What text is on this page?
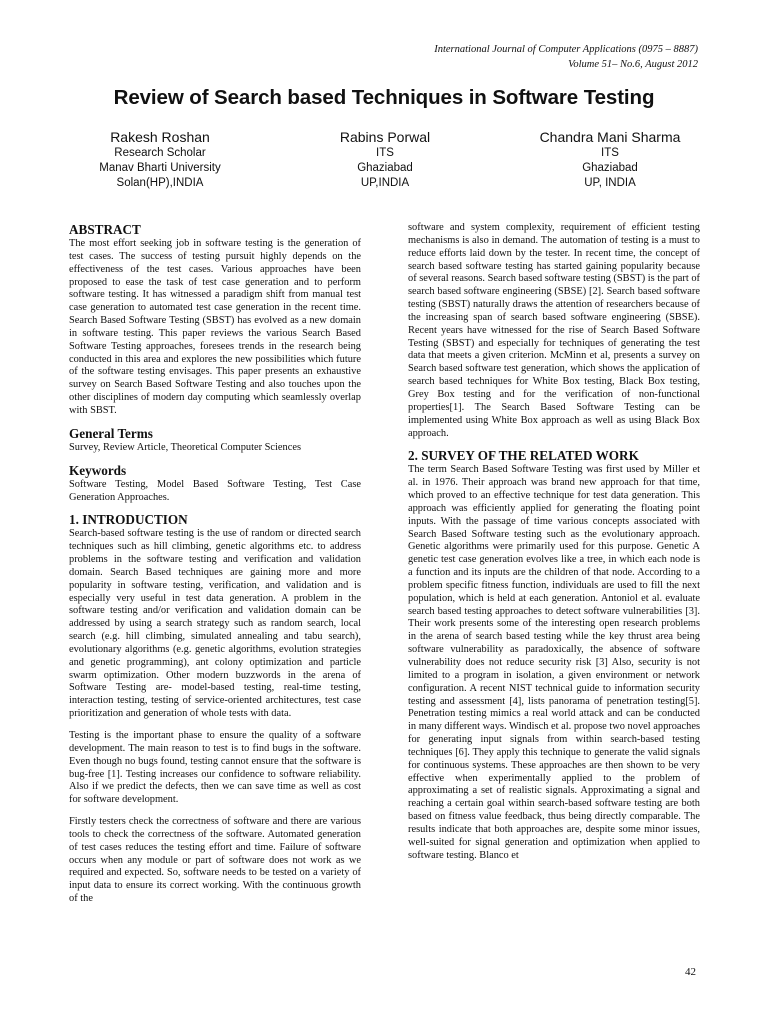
International Journal of Computer Applications (0975 – 8887)
Volume 51– No.6, August 2012
Review of Search based Techniques in Software Testing
Rakesh Roshan
Research Scholar
Manav Bharti University
Solan(HP),INDIA
Rabins Porwal
ITS
Ghaziabad
UP,INDIA
Chandra Mani Sharma
ITS
Ghaziabad
UP, INDIA
ABSTRACT

The most effort seeking job in software testing is the generation of test cases. The success of testing pursuit highly depends on the effectiveness of the test cases. Various approaches have been proposed to ease the task of test case generation and to perform software testing. It has witnessed a paradigm shift from manual test case generation to automated test case generation in the recent time. Search Based Software Testing (SBST) has evolved as a new domain in software testing. This paper reviews the various Search Based Software Testing approaches, foresees trends in the research being conducted in this area and explores the new possibilities which future of the software testing envisages. This paper presents an exhaustive survey on Search Based Software Testing and also touches upon the other disciplines of modern day computing which seamlessly overlap with SBST.

General Terms

Survey, Review Article, Theoretical Computer Sciences

Keywords

Software Testing, Model Based Software Testing, Test Case Generation Approaches.

1. INTRODUCTION

Search-based software testing is the use of random or directed search techniques such as hill climbing, genetic algorithms etc. to address problems in the software testing and verification and validation domain. Search Based techniques are gaining more and more popularity in software testing, verification, and validation and is especially very useful in test data generation. A problem in the software testing and/or verification and validation domain can be addressed by using a search strategy such as random search, local search (e.g. hill climbing, simulated annealing and tabu search), evolutionary algorithms (e.g. genetic algorithms, evolution strategies and genetic programming), ant colony optimization and particle swarm optimization. Other modern buzzwords in the arena of Software Testing are- model-based testing, real-time testing, interaction testing, testing of service-oriented architectures, test case prioritization and generation of whole tests with data.

Testing is the important phase to ensure the quality of a software development. The main reason to test is to find bugs in the software. Even though no bugs found, testing cannot ensure that the software is bug-free [1]. Testing increases our confidence to software reliability. Also if we predict the defects, then we can save time as well as cost for software development.

Firstly testers check the correctness of software and there are various tools to check the correctness of the software. Automated generation of test cases reduces the testing effort and time. Failure of software occurs when any module or part of software does not work as we required and expected. So, software needs to be tested on a variety of input data to ensure its correct working. With the continuous growth of the

software and system complexity, requirement of efficient testing mechanisms is also in demand. The automation of testing is a must to reduce efforts laid down by the tester. In recent time, the concept of search based software testing has started gaining popularity because of several reasons. Search based software testing (SBST) is the part of search based software engineering (SBSE) [2]. Search based software testing (SBST) naturally draws the attention of researchers because of the increasing span of search based software engineering (SBSE). Recent years have witnessed for the rise of Search Based Software Testing (SBST) and especially for techniques of generating the test data that meets a given criterion. McMinn et al, presents a survey on Search based software test generation, which shows the application of search based techniques for White Box testing, Black Box testing, Grey Box testing and for the verification of non-functional properties[1]. The Search Based Software Testing can be implemented using White Box approach as well as using Black Box approach.

2. SURVEY OF THE RELATED WORK

The term Search Based Software Testing was first used by Miller et al. in 1976. Their approach was brand new approach for that time, which proved to an effective technique for test data generation. This approach was efficiently applied for generating the floating point inputs. With the passage of time various concepts associated with Search Based Software testing such as the evolutionary approach. Genetic algorithms were primarily used for this purpose. Genetic A genetic test case generation evolves like a tree, in which each node is a function and its inputs are the children of that node. According to a problem specific fitness function, individuals are used to fill the next population, which is held at each generation. Antoniol et al. evaluate search based testing approaches to detect software vulnerabilities [3]. Their work presents some of the interesting open research problems in the arena of search based testing while the key thrust area being software vulnerability as paradoxically, the absence of software vulnerability does not reduce security risk [3] Also, security is not limited to a program in isolation, a given environment or network configuration. A recent NIST technical guide to information security testing and assessment [4], lists panorama of penetration testing[5]. Penetration testing mimics a real world attack and can be conducted in many different ways. Windisch et al. propose two novel approaches for generating input signals from within search-based testing techniques [6]. They apply this technique to generate the valid signals for continuous systems. These approaches are then shown to be very effective when experimentally applied to the problem of approximating a set of realistic signals. Approximating a signal and reaching a certain goal within search-based software testing are both based on fitness value feedback, thus being directly comparable. The results indicate that both approaches are, despite some minor issues, well-suited for signal generation and optimization when applied to software testing. Blanco et

42
